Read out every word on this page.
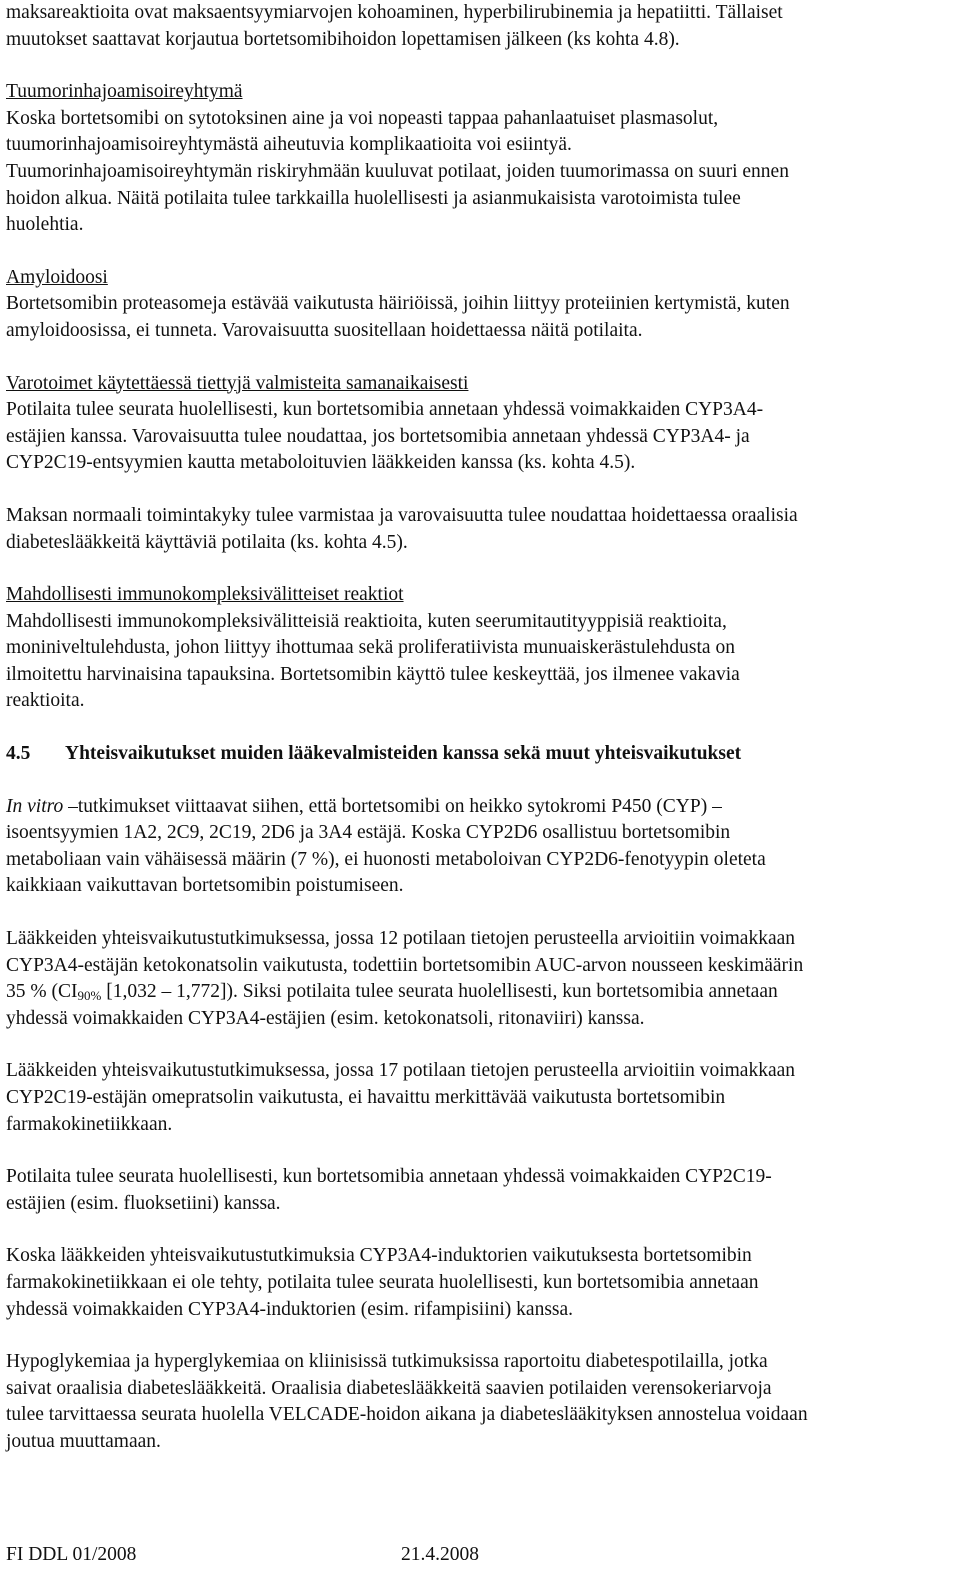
maksareaktioita ovat maksaentsyymiarvojen kohoaminen, hyperbilirubinemia ja hepatiitti. Tällaiset

muutokset saattavat korjautua bortetsomibihoidon lopettamisen jälkeen (ks kohta 4.8).

Tuumorinhajoamisoireyhtymä

Koska bortetsomibi on sytotoksinen aine ja voi nopeasti tappaa pahanlaatuiset plasmasolut,

tuumorinhajoamisoireyhtymästä aiheutuvia komplikaatioita voi esiintyä.

Tuumorinhajoamisoireyhtymän riskiryhmään kuuluvat potilaat, joiden tuumorimassa on suuri ennen

hoidon alkua. Näitä potilaita tulee tarkkailla huolellisesti ja asianmukaisista varotoimista tulee

huolehtia.

Amyloidoosi

Bortetsomibin proteasomeja estävää vaikutusta häiriöissä, joihin liittyy proteiinien kertymistä, kuten

amyloidoosissa, ei tunneta. Varovaisuutta suositellaan hoidettaessa näitä potilaita.

Varotoimet käytettäessä tiettyjä valmisteita samanaikaisesti

Potilaita tulee seurata huolellisesti, kun bortetsomibia annetaan yhdessä voimakkaiden CYP3A4-

estäjien kanssa. Varovaisuutta tulee noudattaa, jos bortetsomibia annetaan yhdessä CYP3A4- ja

CYP2C19-entsyymien kautta metaboloituvien lääkkeiden kanssa (ks. kohta 4.5).

Maksan normaali toimintakyky tulee varmistaa ja varovaisuutta tulee noudattaa hoidettaessa oraalisia

diabeteslääkkeitä käyttäviä potilaita (ks. kohta 4.5).

Mahdollisesti immunokompleksivälitteiset reaktiot

Mahdollisesti immunokompleksivälitteisiä reaktioita, kuten seerumitautityyppisiä reaktioita,

moniniveltulehdusta, johon liittyy ihottumaa sekä proliferatiivista munuaiskerästulehdusta on

ilmoitettu harvinaisina tapauksina. Bortetsomibin käyttö tulee keskeyttää, jos ilmenee vakavia

reaktioita.

4.5 Yhteisvaikutukset muiden lääkevalmisteiden kanssa sekä muut yhteisvaikutukset

In vitro –tutkimukset viittaavat siihen, että bortetsomibi on heikko sytokromi P450 (CYP) –

isoentsyymien 1A2, 2C9, 2C19, 2D6 ja 3A4 estäjä. Koska CYP2D6 osallistuu bortetsomibin

metaboliaan vain vähäisessä määrin (7 %), ei huonosti metaboloivan CYP2D6-fenotyypin oleteta

kaikkiaan vaikuttavan bortetsomibin poistumiseen.

Lääkkeiden yhteisvaikutustutkimuksessa, jossa 12 potilaan tietojen perusteella arvioitiin voimakkaan

CYP3A4-estäjän ketokonatsolin vaikutusta, todettiin bortetsomibin AUC-arvon nousseen keskimäärin

35 % (CI90% [1,032 – 1,772]). Siksi potilaita tulee seurata huolellisesti, kun bortetsomibia annetaan

yhdessä voimakkaiden CYP3A4-estäjien (esim. ketokonatsoli, ritonaviiri) kanssa.

Lääkkeiden yhteisvaikutustutkimuksessa, jossa 17 potilaan tietojen perusteella arvioitiin voimakkaan

CYP2C19-estäjän omepratsolin vaikutusta, ei havaittu merkittävää vaikutusta bortetsomibin

farmakokinetiikkaan.

Potilaita tulee seurata huolellisesti, kun bortetsomibia annetaan yhdessä voimakkaiden CYP2C19-

estäjien (esim. fluoksetiini) kanssa.

Koska lääkkeiden yhteisvaikutustutkimuksia CYP3A4-induktorien vaikutuksesta bortetsomibin

farmakokinetiikkaan ei ole tehty, potilaita tulee seurata huolellisesti, kun bortetsomibia annetaan

yhdessä voimakkaiden CYP3A4-induktorien (esim. rifampisiini) kanssa.

Hypoglykemiaa ja hyperglykemiaa on kliinisissä tutkimuksissa raportoitu diabetespotilailla, jotka

saivat oraalisia diabeteslääkkeitä. Oraalisia diabeteslääkkeitä saavien potilaiden verensokeriarvoja

tulee tarvittaessa seurata huolella VELCADE-hoidon aikana ja diabeteslääkityksen annostelua voidaan

joutua muuttamaan.

FI DDL 01/2008	21.4.2008
